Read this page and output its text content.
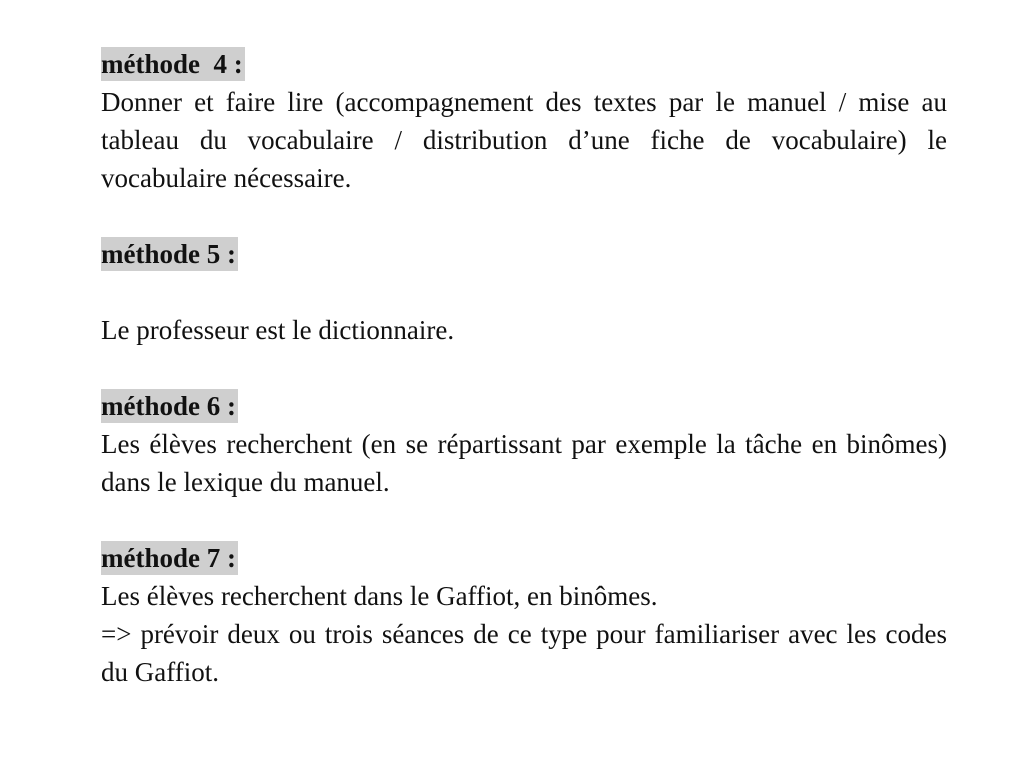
méthode  4 :

Donner et faire lire (accompagnement des textes par le manuel / mise au tableau du vocabulaire / distribution d’une fiche de vocabulaire) le vocabulaire nécessaire.

méthode 5 :

Le professeur est le dictionnaire.

méthode 6 :

Les élèves recherchent (en se répartissant par exemple la tâche en binômes) dans le lexique du manuel.

méthode 7 :

Les élèves recherchent dans le Gaffiot, en binômes.

=> prévoir deux ou trois séances de ce type pour familiariser avec les codes du Gaffiot.
